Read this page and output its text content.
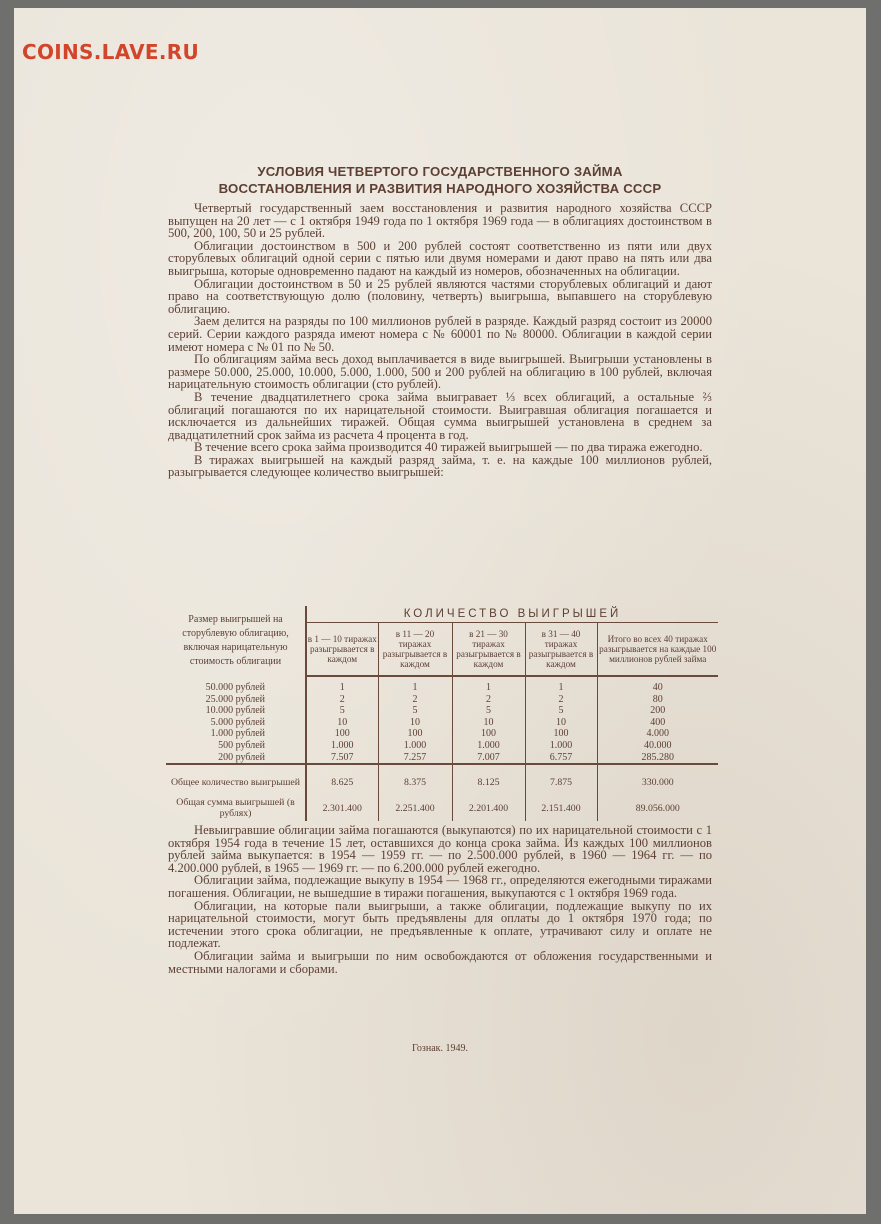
COINS.LAVE.RU
УСЛОВИЯ ЧЕТВЕРТОГО ГОСУДАРСТВЕННОГО ЗАЙМА
ВОССТАНОВЛЕНИЯ И РАЗВИТИЯ НАРОДНОГО ХОЗЯЙСТВА СССР

Четвертый государственный заем восстановления и развития народного хозяйства СССР выпущен на 20 лет — с 1 октября 1949 года по 1 октября 1969 года — в облигациях достоинством в 500, 200, 100, 50 и 25 рублей.

Облигации достоинством в 500 и 200 рублей состоят соответственно из пяти или двух сторублевых облигаций одной серии с пятью или двумя номерами и дают право на пять или два выигрыша, которые одновременно падают на каждый из номеров, обозначенных на облигации.

Облигации достоинством в 50 и 25 рублей являются частями сторублевых облигаций и дают право на соответствующую долю (половину, четверть) выигрыша, выпавшего на сторублевую облигацию.

Заем делится на разряды по 100 миллионов рублей в разряде. Каждый разряд состоит из 20000 серий. Серии каждого разряда имеют номера с № 60001 по № 80000. Облигации в каждой серии имеют номера с № 01 по № 50.

По облигациям займа весь доход выплачивается в виде выигрышей. Выигрыши установлены в размере 50.000, 25.000, 10.000, 5.000, 1.000, 500 и 200 рублей на облигацию в 100 рублей, включая нарицательную стоимость облигации (сто рублей).

В течение двадцатилетнего срока займа выигравает ⅓ всех облигаций, а остальные ⅔ облигаций погашаются по их нарицательной стоимости. Выигравшая облигация погашается и исключается из дальнейших тиражей. Общая сумма выигрышей установлена в среднем за двадцатилетний срок займа из расчета 4 процента в год.

В течение всего срока займа производится 40 тиражей выигрышей — по два тиража ежегодно.

В тиражах выигрышей на каждый разряд займа, т. е. на каждые 100 миллионов рублей, разыгрывается следующее количество выигрышей:

Размер выигрышей на сторублевую облигацию, включая нарицательную стоимость облигации	КОЛИЧЕСТВО ВЫИГРЫШЕЙ				
	в 1 — 10 тиражах разыгрывается в каждом	в 11 — 20 тиражах разыгрывается в каждом	в 21 — 30 тиражах разыгрывается в каждом	в 31 — 40 тиражах разыгрывается в каждом	Итого во всех 40 тиражах разыгрывается на каждые 100 миллионов рублей займа

50.000 рублей	1	1	1	1	40
25.000 рублей	2	2	2	2	80
10.000 рублей	5	5	5	5	200
5.000 рублей	10	10	10	10	400
1.000 рублей	100	100	100	100	4.000
500 рублей	1.000	1.000	1.000	1.000	40.000
200 рублей	7.507	7.257	7.007	6.757	285.280

Общее количество выигрышей	8.625	8.375	8.125	7.875	330.000
Общая сумма выигрышей (в рублях)	2.301.400	2.251.400	2.201.400	2.151.400	89.056.000

Невыигравшие облигации займа погашаются (выкупаются) по их нарицательной стоимости с 1 октября 1954 года в течение 15 лет, оставшихся до конца срока займа. Из каждых 100 миллионов рублей займа выкупается: в 1954 — 1959 гг. — по 2.500.000 рублей, в 1960 — 1964 гг. — по 4.200.000 рублей, в 1965 — 1969 гг. — по 6.200.000 рублей ежегодно.

Облигации займа, подлежащие выкупу в 1954 — 1968 гг., определяются ежегодными тиражами погашения. Облигации, не вышедшие в тиражи погашения, выкупаются с 1 октября 1969 года.

Облигации, на которые пали выигрыши, а также облигации, подлежащие выкупу по их нарицательной стоимости, могут быть предъявлены для оплаты до 1 октября 1970 года; по истечении этого срока облигации, не предъявленные к оплате, утрачивают силу и оплате не подлежат.

Облигации займа и выигрыши по ним освобождаются от обложения государственными и местными налогами и сборами.

Гознак. 1949.
